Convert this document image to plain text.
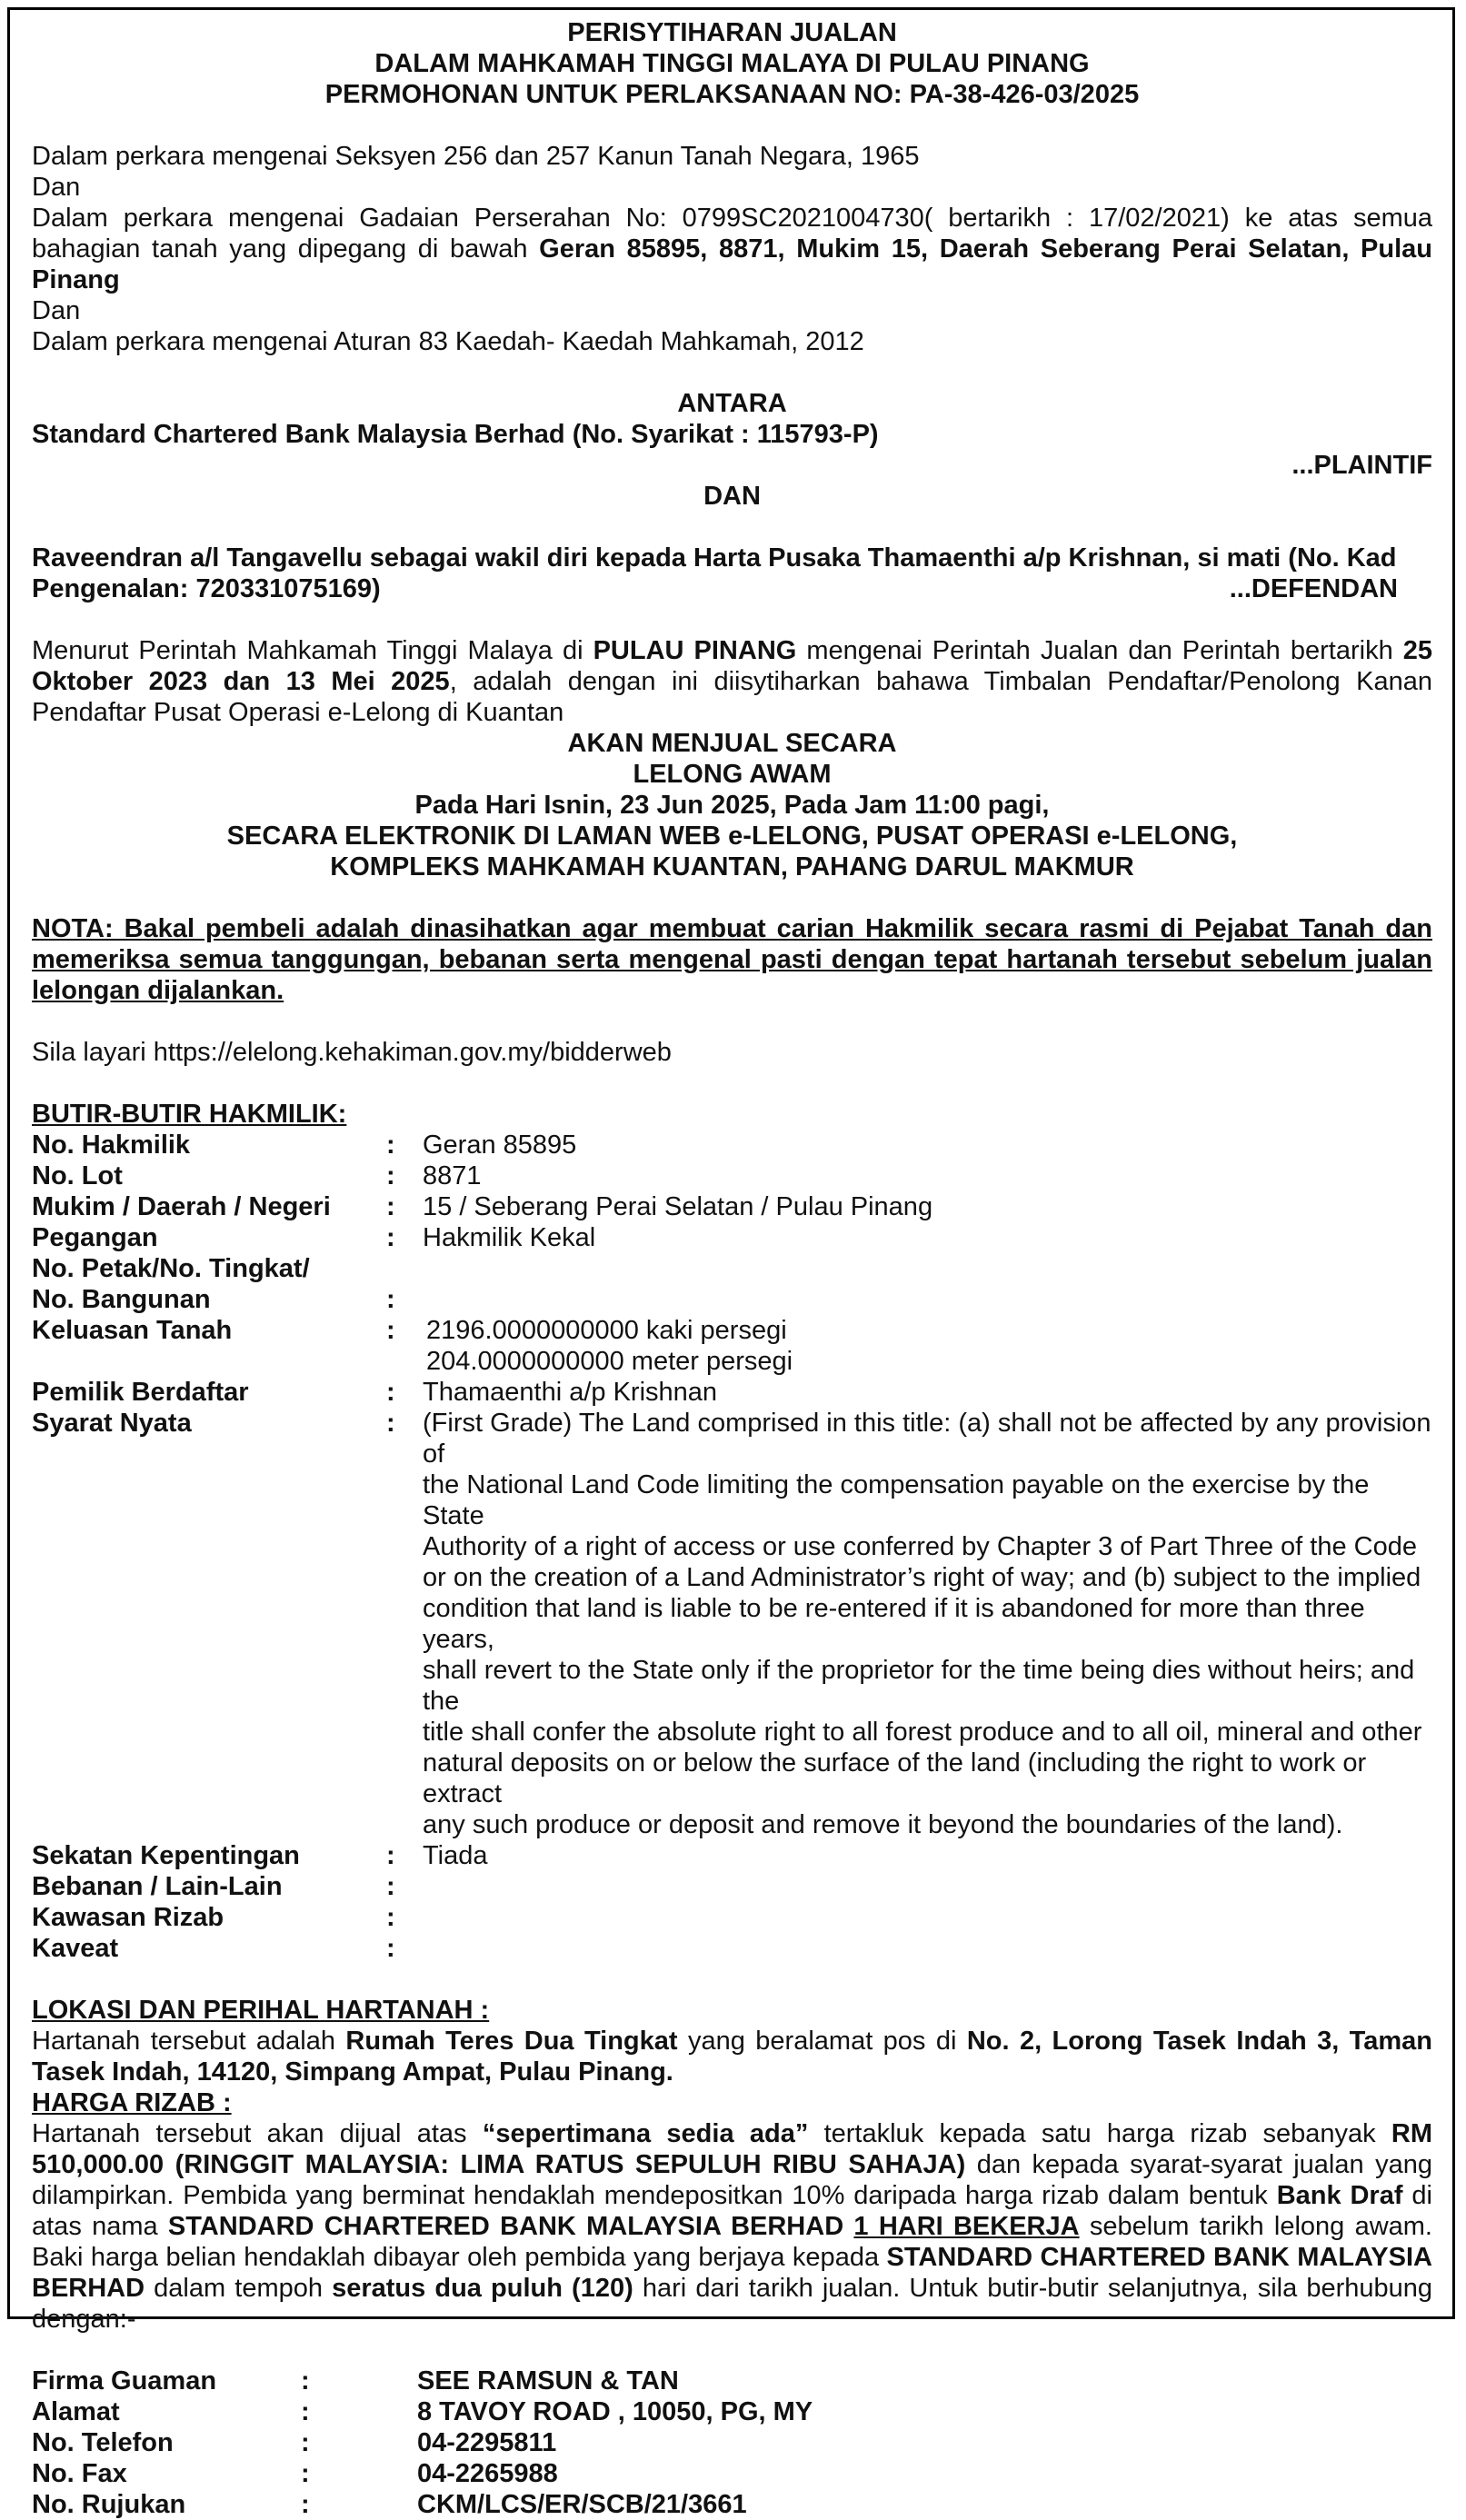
PERISYTIHARAN JUALAN

DALAM MAHKAMAH TINGGI MALAYA DI PULAU PINANG

PERMOHONAN UNTUK PERLAKSANAAN NO: PA-38-426-03/2025

Dalam perkara mengenai Seksyen 256 dan 257 Kanun Tanah Negara, 1965

Dan

Dalam perkara mengenai Gadaian Perserahan No: 0799SC2021004730( bertarikh : 17/02/2021) ke atas semua bahagian tanah yang dipegang di bawah Geran 85895, 8871, Mukim 15, Daerah Seberang Perai Selatan, Pulau Pinang

Dan

Dalam perkara mengenai Aturan 83 Kaedah- Kaedah Mahkamah, 2012

ANTARA

Standard Chartered Bank Malaysia Berhad (No. Syarikat : 115793-P)

...PLAINTIF

DAN

Raveendran a/l Tangavellu sebagai wakil diri kepada Harta Pusaka Thamaenthi a/p Krishnan, si mati (No. Kad

Pengenalan: 720331075169)	...DEFENDAN

Menurut Perintah Mahkamah Tinggi Malaya di PULAU PINANG mengenai Perintah Jualan dan Perintah bertarikh 25 Oktober 2023 dan 13 Mei 2025, adalah dengan ini diisytiharkan bahawa Timbalan Pendaftar/Penolong Kanan Pendaftar Pusat Operasi e-Lelong di Kuantan

AKAN MENJUAL SECARA

LELONG AWAM

Pada Hari Isnin, 23 Jun 2025, Pada Jam 11:00 pagi,

SECARA ELEKTRONIK DI LAMAN WEB e-LELONG, PUSAT OPERASI e-LELONG,

KOMPLEKS MAHKAMAH KUANTAN, PAHANG DARUL MAKMUR

NOTA: Bakal pembeli adalah dinasihatkan agar membuat carian Hakmilik secara rasmi di Pejabat Tanah dan memeriksa semua tanggungan, bebanan serta mengenal pasti dengan tepat hartanah tersebut sebelum jualan lelongan dijalankan.

Sila layari https://elelong.kehakiman.gov.my/bidderweb

BUTIR-BUTIR HAKMILIK:

No. Hakmilik	:	Geran 85895
No. Lot	:	8871
Mukim / Daerah / Negeri	:	15 / Seberang Perai Selatan / Pulau Pinang
Pegangan	:	Hakmilik Kekal
No. Petak/No. Tingkat/
No. Bangunan	:
Keluasan Tanah	:	2196.0000000000 kaki persegi
204.0000000000 meter persegi
Pemilik Berdaftar	:	Thamaenthi a/p Krishnan
Syarat Nyata	:	(First Grade) The Land comprised in this title: (a) shall not be affected by any provision of
the National Land Code limiting the compensation payable on the exercise by the State
Authority of a right of access or use conferred by Chapter 3 of Part Three of the Code
or on the creation of a Land Administrator’s right of way; and (b) subject to the implied
condition that land is liable to be re-entered if it is abandoned for more than three years,
shall revert to the State only if the proprietor for the time being dies without heirs; and the
title shall confer the absolute right to all forest produce and to all oil, mineral and other
natural deposits on or below the surface of the land (including the right to work or extract
any such produce or deposit and remove it beyond the boundaries of the land).
Sekatan Kepentingan	:	Tiada
Bebanan / Lain-Lain	:
Kawasan Rizab	:
Kaveat	:

LOKASI DAN PERIHAL HARTANAH :

Hartanah tersebut adalah Rumah Teres Dua Tingkat yang beralamat pos di No. 2, Lorong Tasek Indah 3, Taman Tasek Indah, 14120, Simpang Ampat, Pulau Pinang.

HARGA RIZAB :

Hartanah tersebut akan dijual atas “sepertimana sedia ada” tertakluk kepada satu harga rizab sebanyak RM 510,000.00 (RINGGIT MALAYSIA: LIMA RATUS SEPULUH RIBU SAHAJA) dan kepada syarat-syarat jualan yang dilampirkan. Pembida yang berminat hendaklah mendepositkan 10% daripada harga rizab dalam bentuk Bank Draf di atas nama STANDARD CHARTERED BANK MALAYSIA BERHAD 1 HARI BEKERJA sebelum tarikh lelong awam. Baki harga belian hendaklah dibayar oleh pembida yang berjaya kepada STANDARD CHARTERED BANK MALAYSIA BERHAD dalam tempoh seratus dua puluh (120) hari dari tarikh jualan. Untuk butir-butir selanjutnya, sila berhubung dengan:-

Firma Guaman	:	SEE RAMSUN & TAN
Alamat	:	8 TAVOY ROAD , 10050, PG, MY
No. Telefon	:	04-2295811
No. Fax	:	04-2265988
No. Rujukan	:	CKM/LCS/ER/SCB/21/3661
